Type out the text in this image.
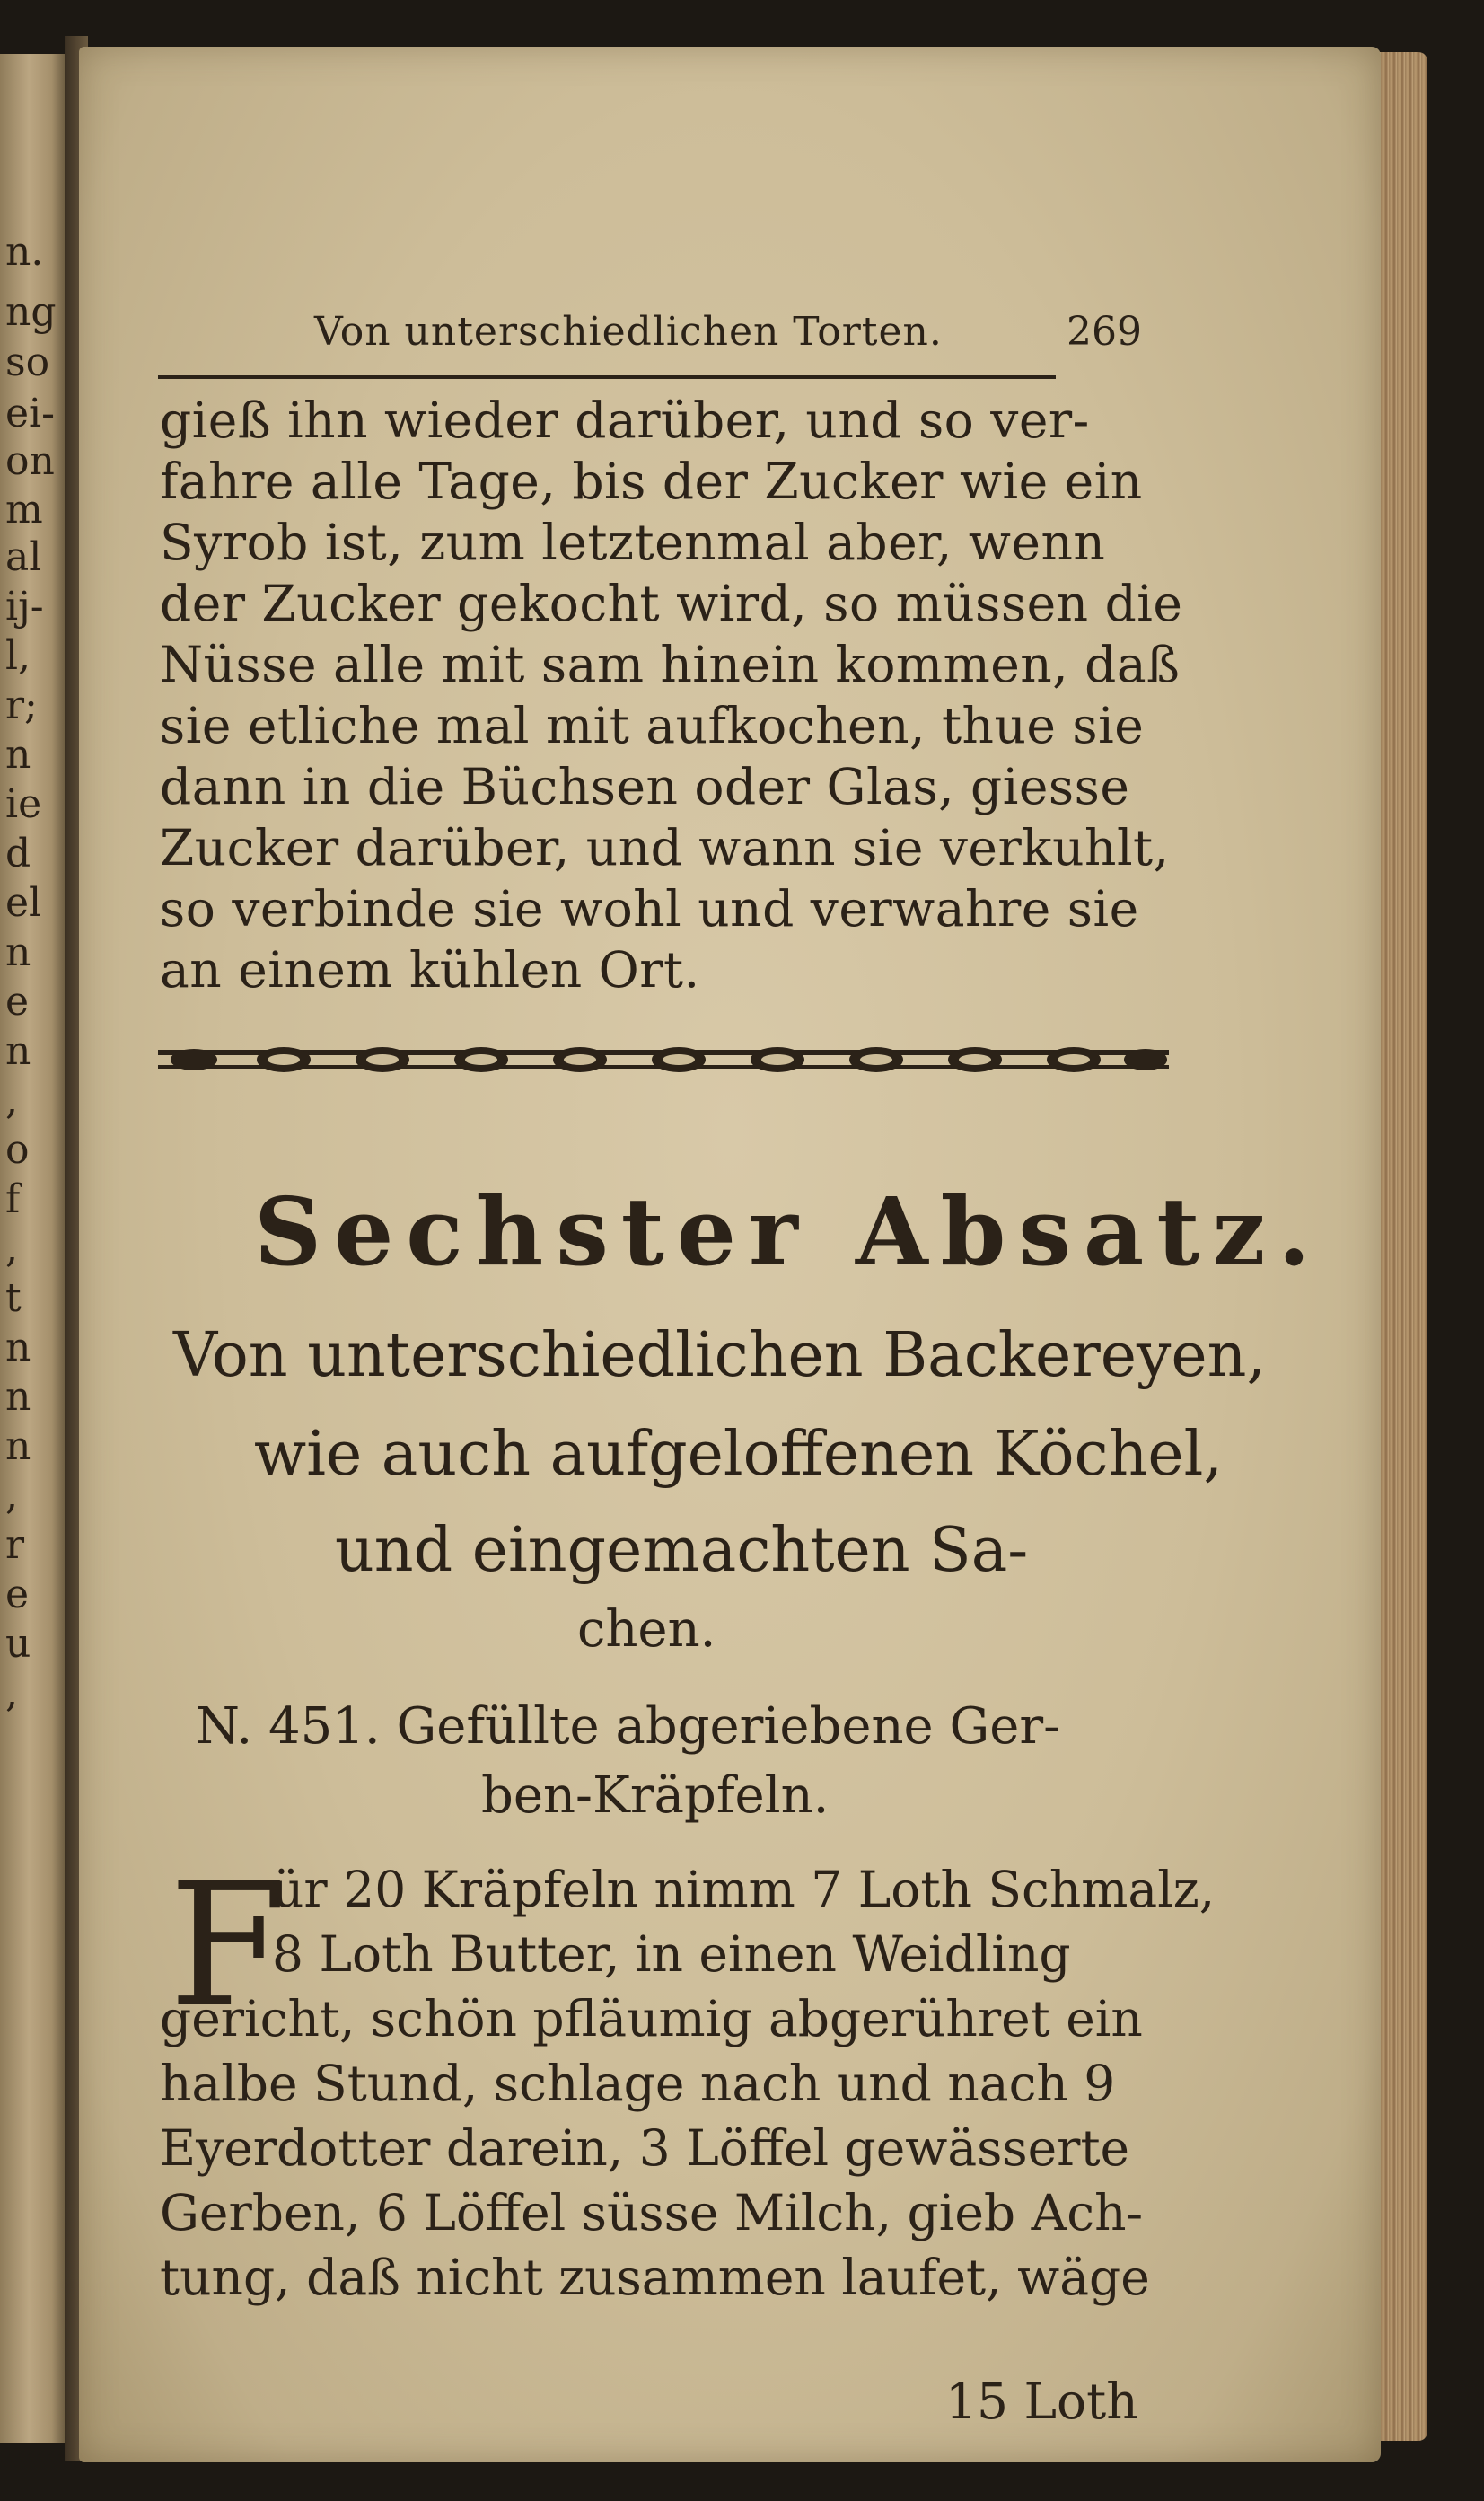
n.
ng
so
ei-
on
m
al
ij-
l,
r;
n
ie
d
el
n
e
n
,
o
f
,
t
n
n
n
,
r
e
u
,
Von unterschiedlichen Torten.	269
gieß ihn wieder darüber, und so ver-
fahre alle Tage, bis der Zucker wie ein
Syrob ist, zum letztenmal aber, wenn
der Zucker gekocht wird, so müssen die
Nüsse alle mit sam hinein kommen, daß
sie etliche mal mit aufkochen, thue sie
dann in die Büchsen oder Glas, giesse
Zucker darüber, und wann sie verkuhlt,
so verbinde sie wohl und verwahre sie
an einem kühlen Ort.
Sechster Absatz.
Von unterschiedlichen Backereyen,
wie auch aufgeloffenen Köchel,
und eingemachten Sa-
chen.
N. 451. Gefüllte abgeriebene Ger-
ben-Kräpfeln.
F
ür 20 Kräpfeln nimm 7 Loth Schmalz,
8 Loth Butter, in einen Weidling
gericht, schön pfläumig abgerühret ein
halbe Stund, schlage nach und nach 9
Eyerdotter darein, 3 Löffel gewässerte
Gerben, 6 Löffel süsse Milch, gieb Ach-
tung, daß nicht zusammen laufet, wäge
15 Loth
